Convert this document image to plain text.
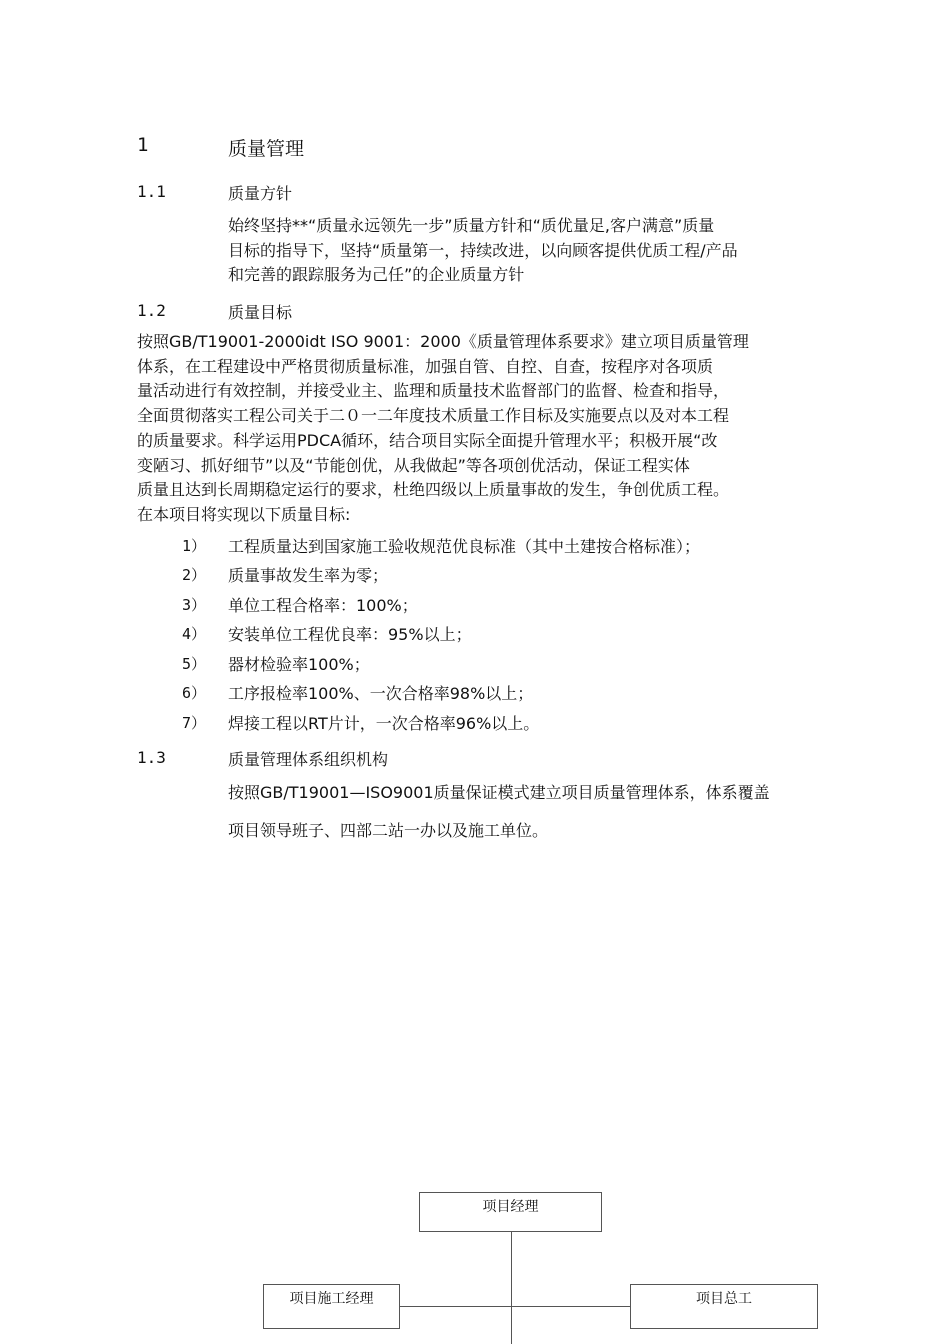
1	质量管理
1.1	质量方针
始终坚持**“质量永远领先一步”质量方针和“质优量足,客户满意”质量
目标的指导下，坚持“质量第一，持续改进，以向顾客提供优质工程/产品
和完善的跟踪服务为己任”的企业质量方针
1.2	质量目标
按照GB/T19001-2000idt ISO 9001：2000《质量管理体系要求》建立项目质量管理
体系，在工程建设中严格贯彻质量标准，加强自管、自控、自查，按程序对各项质
量活动进行有效控制，并接受业主、监理和质量技术监督部门的监督、检查和指导，
全面贯彻落实工程公司关于二０一二年度技术质量工作目标及实施要点以及对本工程
的质量要求。科学运用PDCA循环，结合项目实际全面提升管理水平；积极开展“改
变陋习、抓好细节”以及“节能创优，从我做起”等各项创优活动，保证工程实体
质量且达到长周期稳定运行的要求，杜绝四级以上质量事故的发生，争创优质工程。
在本项目将实现以下质量目标:
1） 工程质量达到国家施工验收规范优良标准（其中土建按合格标准）；
2） 质量事故发生率为零；
3） 单位工程合格率：100%；
4） 安装单位工程优良率：95%以上；
5） 器材检验率100%；
6） 工序报检率100%、一次合格率98%以上；
7） 焊接工程以RT片计，一次合格率96%以上。
1.3	质量管理体系组织机构
按照GB/T19001—ISO9001质量保证模式建立项目质量管理体系，体系覆盖
项目领导班子、四部二站一办以及施工单位。
项目经理
项目施工经理	项目总工
